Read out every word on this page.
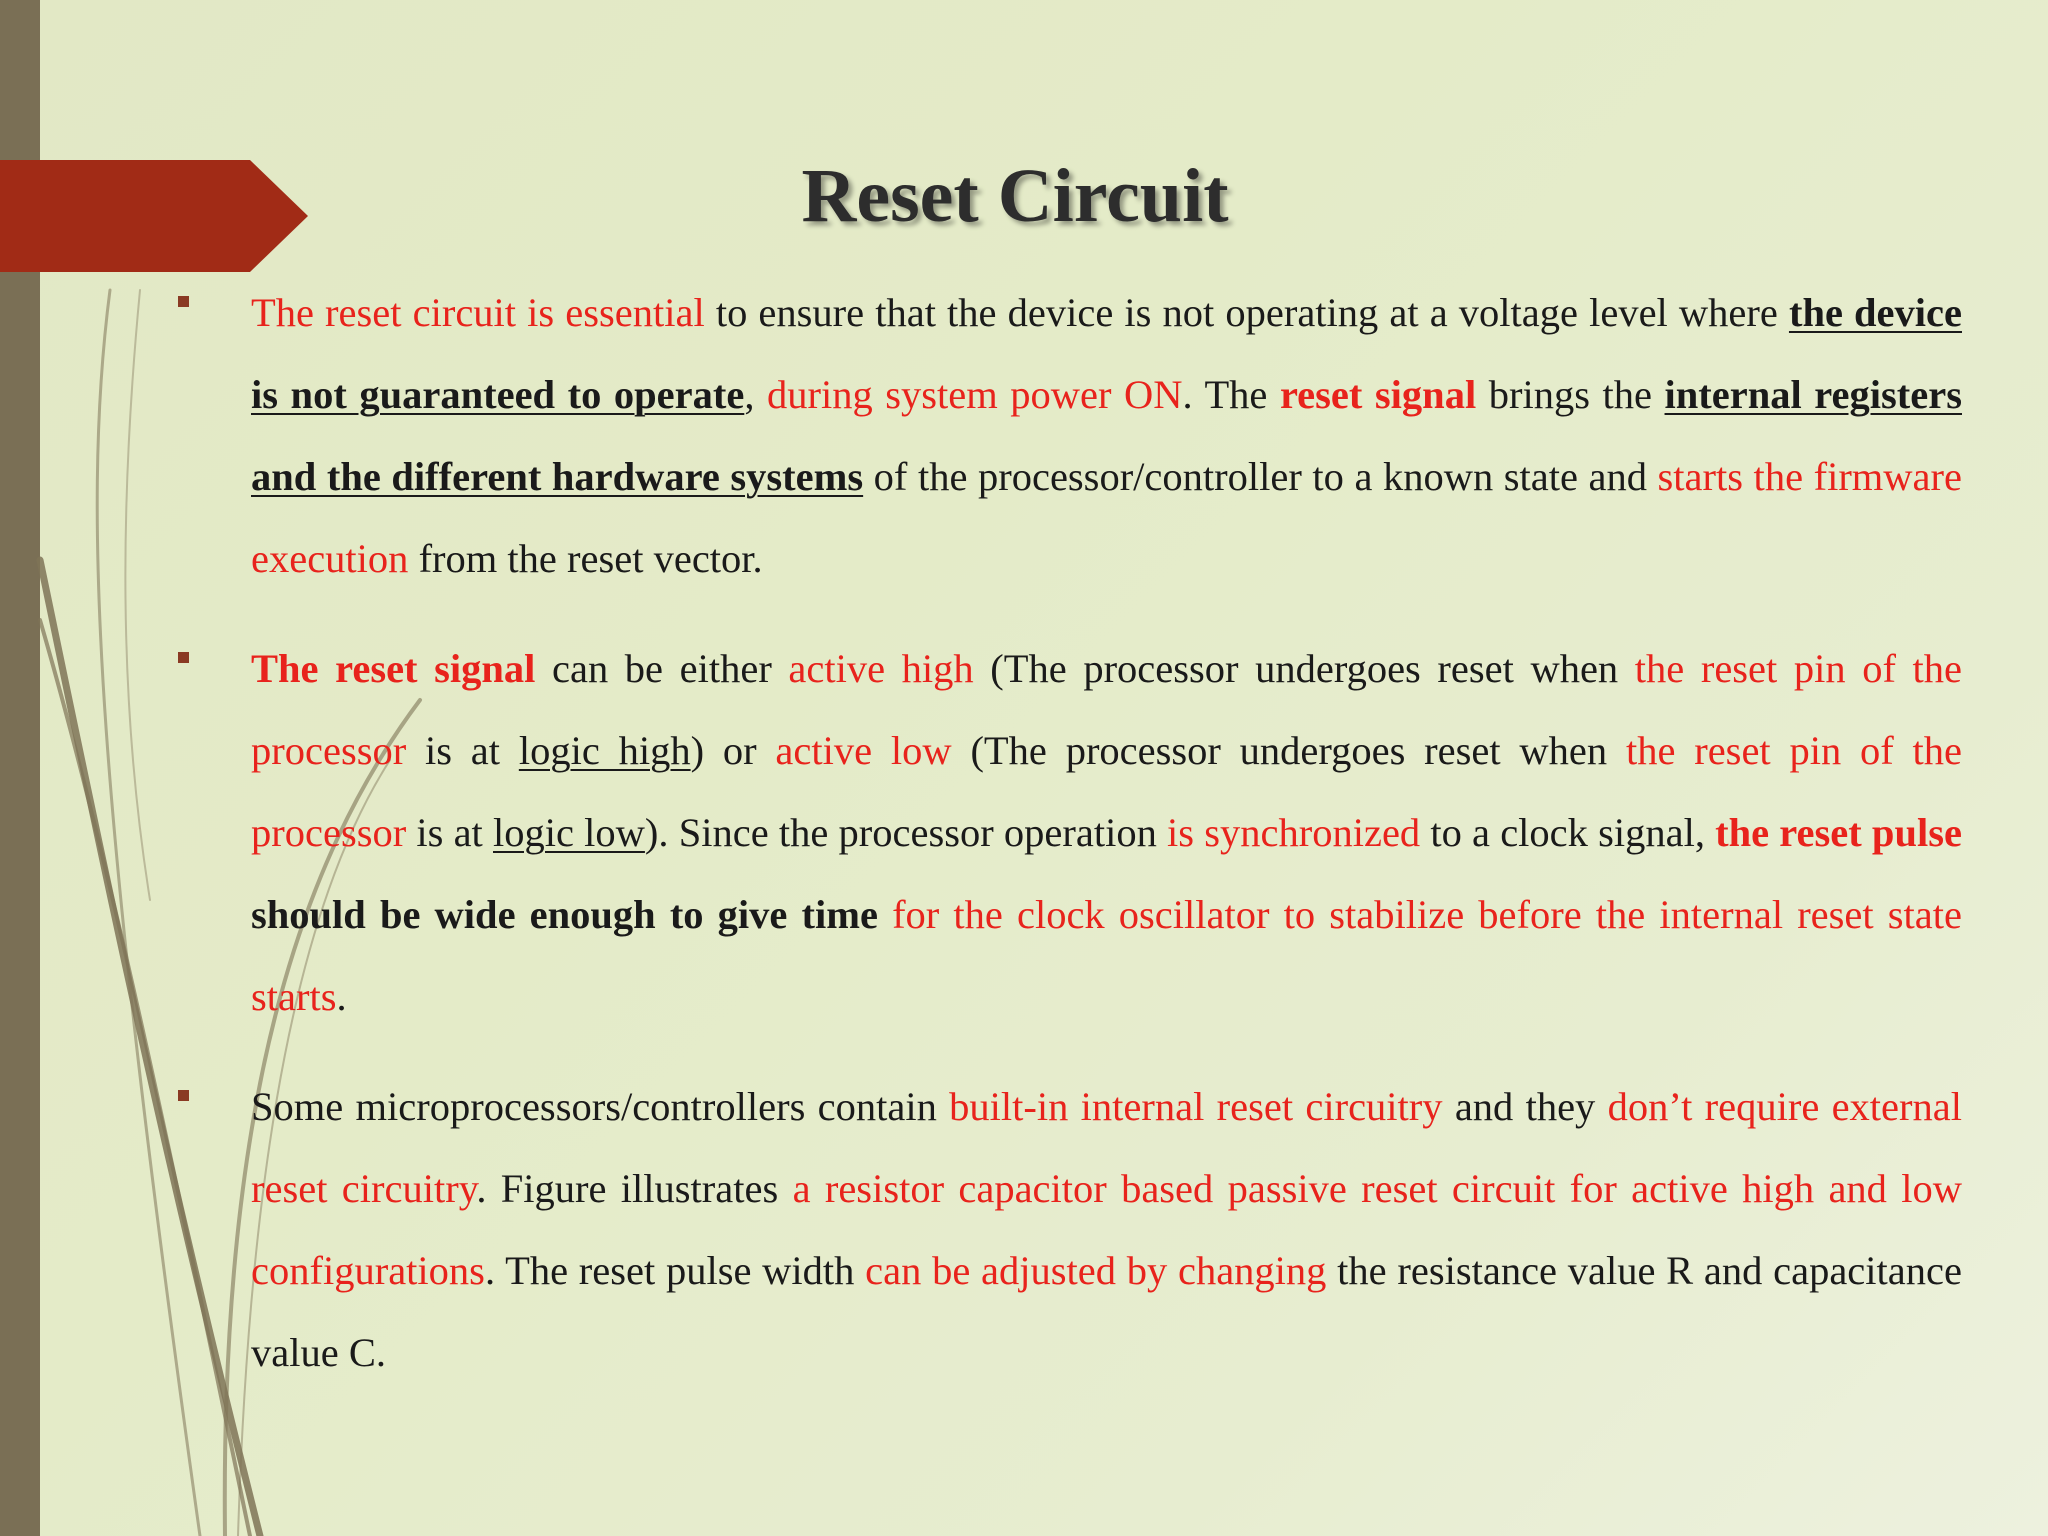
Reset Circuit
The reset circuit is essential to ensure that the device is not operating at a voltage level where the device is not guaranteed to operate, during system power ON. The reset signal brings the internal registers and the different hardware systems of the processor/controller to a known state and starts the firmware execution from the reset vector.
The reset signal can be either active high (The processor undergoes reset when the reset pin of the processor is at logic high) or active low (The processor undergoes reset when the reset pin of the processor is at logic low). Since the processor operation is synchronized to a clock signal, the reset pulse should be wide enough to give time for the clock oscillator to stabilize before the internal reset state starts.
Some microprocessors/controllers contain built-in internal reset circuitry and they don’t require external reset circuitry. Figure illustrates a resistor capacitor based passive reset circuit for active high and low configurations. The reset pulse width can be adjusted by changing the resistance value R and capacitance value C.
